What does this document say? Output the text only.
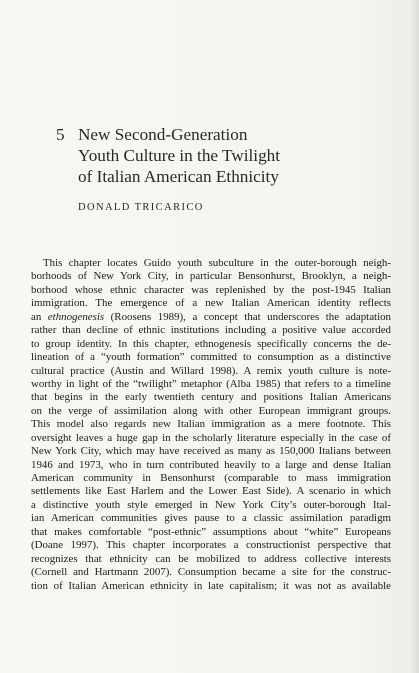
5 New Second-Generation
Youth Culture in the Twilight
of Italian American Ethnicity
DONALD TRICARICO
This chapter locates Guido youth subculture in the outer-borough neigh-
borhoods of New York City, in particular Bensonhurst, Brooklyn, a neigh-
borhood whose ethnic character was replenished by the post-1945 Italian
immigration. The emergence of a new Italian American identity reflects
an ethnogenesis (Roosens 1989), a concept that underscores the adaptation
rather than decline of ethnic institutions including a positive value accorded
to group identity. In this chapter, ethnogenesis specifically concerns the de-
lineation of a “youth formation” committed to consumption as a distinctive
cultural practice (Austin and Willard 1998). A remix youth culture is note-
worthy in light of the “twilight” metaphor (Alba 1985) that refers to a timeline
that begins in the early twentieth century and positions Italian Americans
on the verge of assimilation along with other European immigrant groups.
This model also regards new Italian immigration as a mere footnote. This
oversight leaves a huge gap in the scholarly literature especially in the case of
New York City, which may have received as many as 150,000 Italians between
1946 and 1973, who in turn contributed heavily to a large and dense Italian
American community in Bensonhurst (comparable to mass immigration
settlements like East Harlem and the Lower East Side). A scenario in which
a distinctive youth style emerged in New York City’s outer-borough Ital-
ian American communities gives pause to a classic assimilation paradigm
that makes comfortable “post-ethnic” assumptions about “white” Europeans
(Doane 1997). This chapter incorporates a constructionist perspective that
recognizes that ethnicity can be mobilized to address collective interests
(Cornell and Hartmann 2007). Consumption became a site for the construc-
tion of Italian American ethnicity in late capitalism; it was not as available
